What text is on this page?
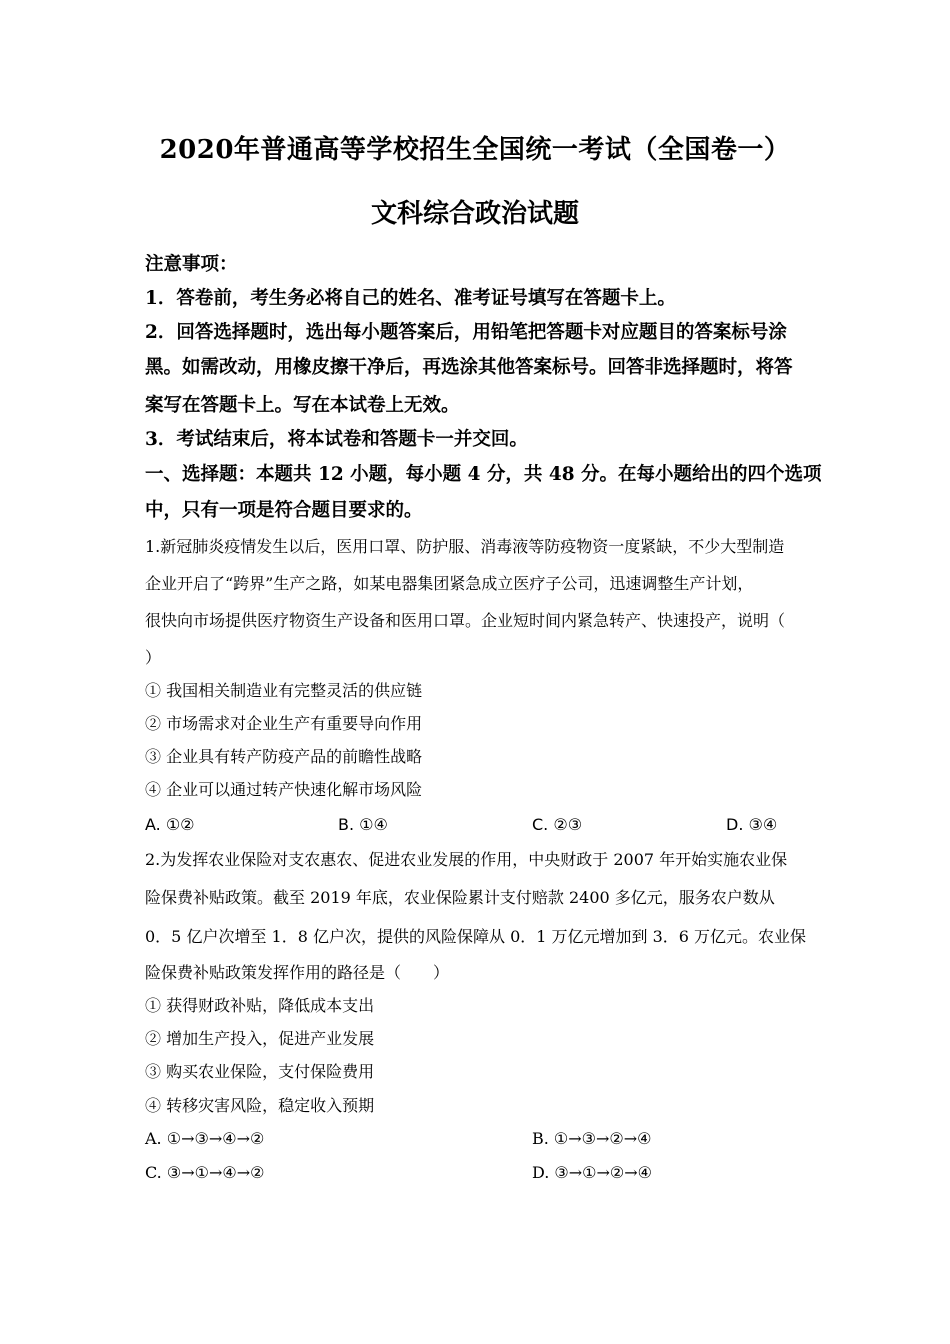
2020年普通高等学校招生全国统一考试（全国卷一）
文科综合政治试题
注意事项：
1．答卷前，考生务必将自己的姓名、准考证号填写在答题卡上。
2．回答选择题时，选出每小题答案后，用铅笔把答题卡对应题目的答案标号涂
黑。如需改动，用橡皮擦干净后，再选涂其他答案标号。回答非选择题时，将答
案写在答题卡上。写在本试卷上无效。
3．考试结束后，将本试卷和答题卡一并交回。
一、选择题：本题共 12 小题，每小题 4 分，共 48 分。在每小题给出的四个选项
中，只有一项是符合题目要求的。
1.新冠肺炎疫情发生以后，医用口罩、防护服、消毒液等防疫物资一度紧缺，不少大型制造
企业开启了“跨界”生产之路，如某电器集团紧急成立医疗子公司，迅速调整生产计划，
很快向市场提供医疗物资生产设备和医用口罩。企业短时间内紧急转产、快速投产，说明（
）
① 我国相关制造业有完整灵活的供应链
② 市场需求对企业生产有重要导向作用
③ 企业具有转产防疫产品的前瞻性战略
④ 企业可以通过转产快速化解市场风险
A. ①②	B. ①④	C. ②③	D. ③④
2.为发挥农业保险对支农惠农、促进农业发展的作用，中央财政于 2007 年开始实施农业保
险保费补贴政策。截至 2019 年底，农业保险累计支付赔款 2400 多亿元，服务农户数从
0．5 亿户次增至 1．8 亿户次，提供的风险保障从 0．1 万亿元增加到 3．6 万亿元。农业保
险保费补贴政策发挥作用的路径是（　　）
① 获得财政补贴，降低成本支出
② 增加生产投入，促进产业发展
③ 购买农业保险，支付保险费用
④ 转移灾害风险，稳定收入预期
A. ①→③→④→②	B. ①→③→②→④
C. ③→①→④→②	D. ③→①→②→④
